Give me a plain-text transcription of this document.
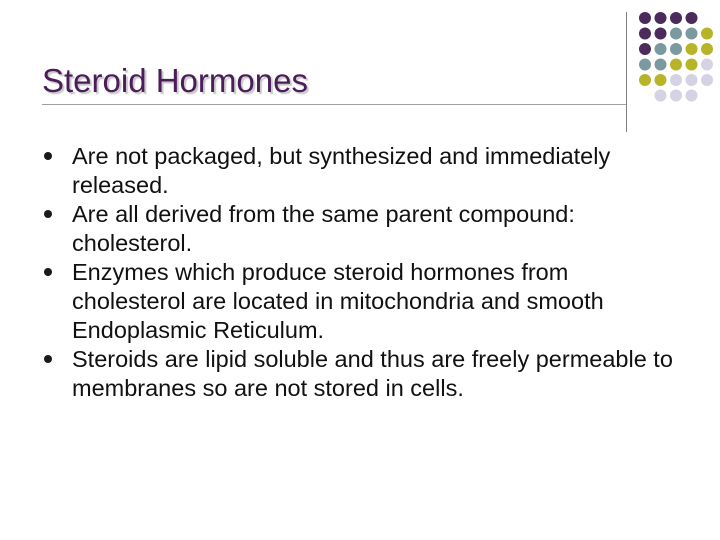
Steroid Hormones
Are not packaged, but synthesized and immediately released.
Are all derived from the same parent compound: cholesterol.
Enzymes which produce steroid hormones from cholesterol are located in mitochondria and smooth Endoplasmic Reticulum.
Steroids are lipid soluble and thus are freely permeable to membranes so are not stored in cells.
